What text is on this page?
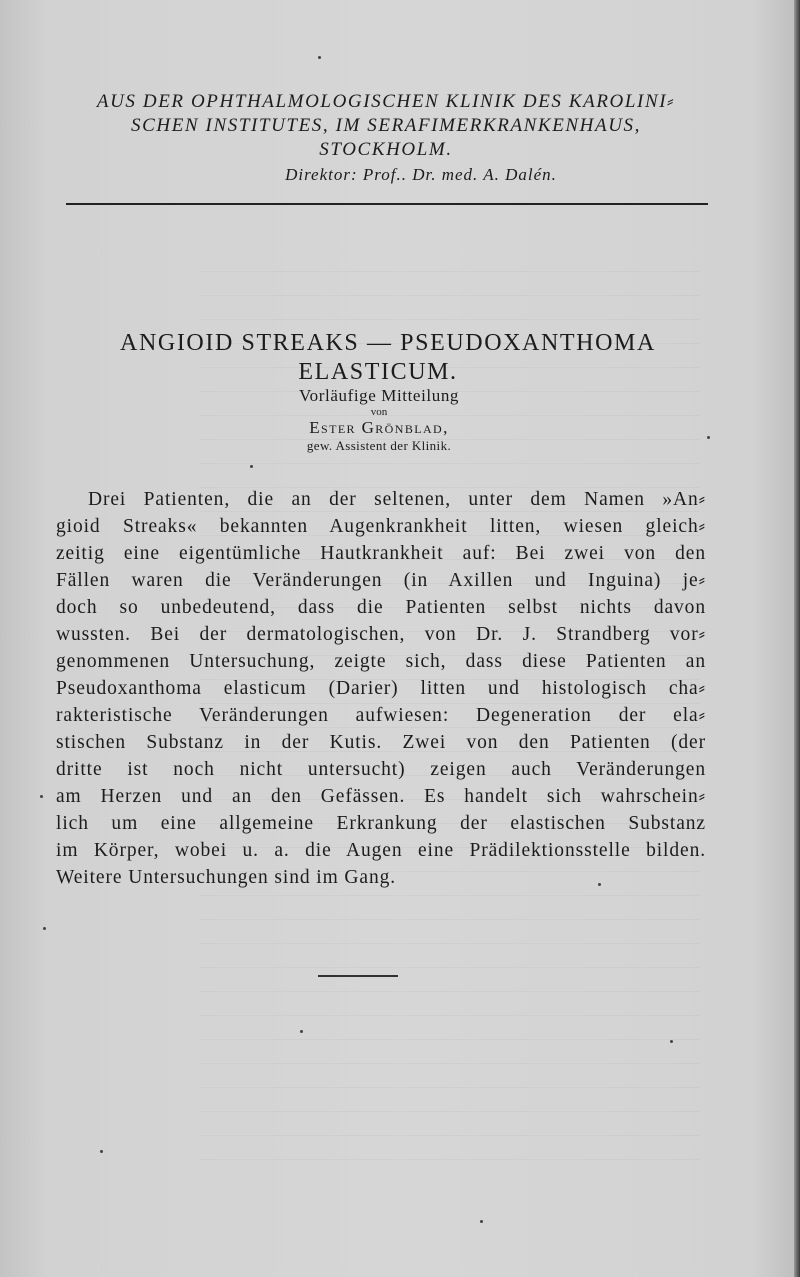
AUS DER OPHTHALMOLOGISCHEN KLINIK DES KAROLINI⸗
SCHEN INSTITUTES, IM SERAFIMERKRANKENHAUS,
STOCKHOLM.
Direktor: Prof.. Dr. med. A. Dalén.
ANGIOID STREAKS — PSEUDOXANTHOMA
ELASTICUM.
Vorläufige Mitteilung
von
Ester Grönblad,
gew. Assistent der Klinik.
Drei Patienten, die an der seltenen, unter dem Namen »An⸗
gioid Streaks« bekannten Augenkrankheit litten, wiesen gleich⸗
zeitig eine eigentümliche Hautkrankheit auf: Bei zwei von den
Fällen waren die Veränderungen (in Axillen und Inguina) je⸗
doch so unbedeutend, dass die Patienten selbst nichts davon
wussten. Bei der dermatologischen, von Dr. J. Strandberg vor⸗
genommenen Untersuchung, zeigte sich, dass diese Patienten an
Pseudoxanthoma elasticum (Darier) litten und histologisch cha⸗
rakteristische Veränderungen aufwiesen: Degeneration der ela⸗
stischen Substanz in der Kutis. Zwei von den Patienten (der
dritte ist noch nicht untersucht) zeigen auch Veränderungen
am Herzen und an den Gefässen. Es handelt sich wahrschein⸗
lich um eine allgemeine Erkrankung der elastischen Substanz
im Körper, wobei u. a. die Augen eine Prädilektionsstelle bilden.
Weitere Untersuchungen sind im Gang.
